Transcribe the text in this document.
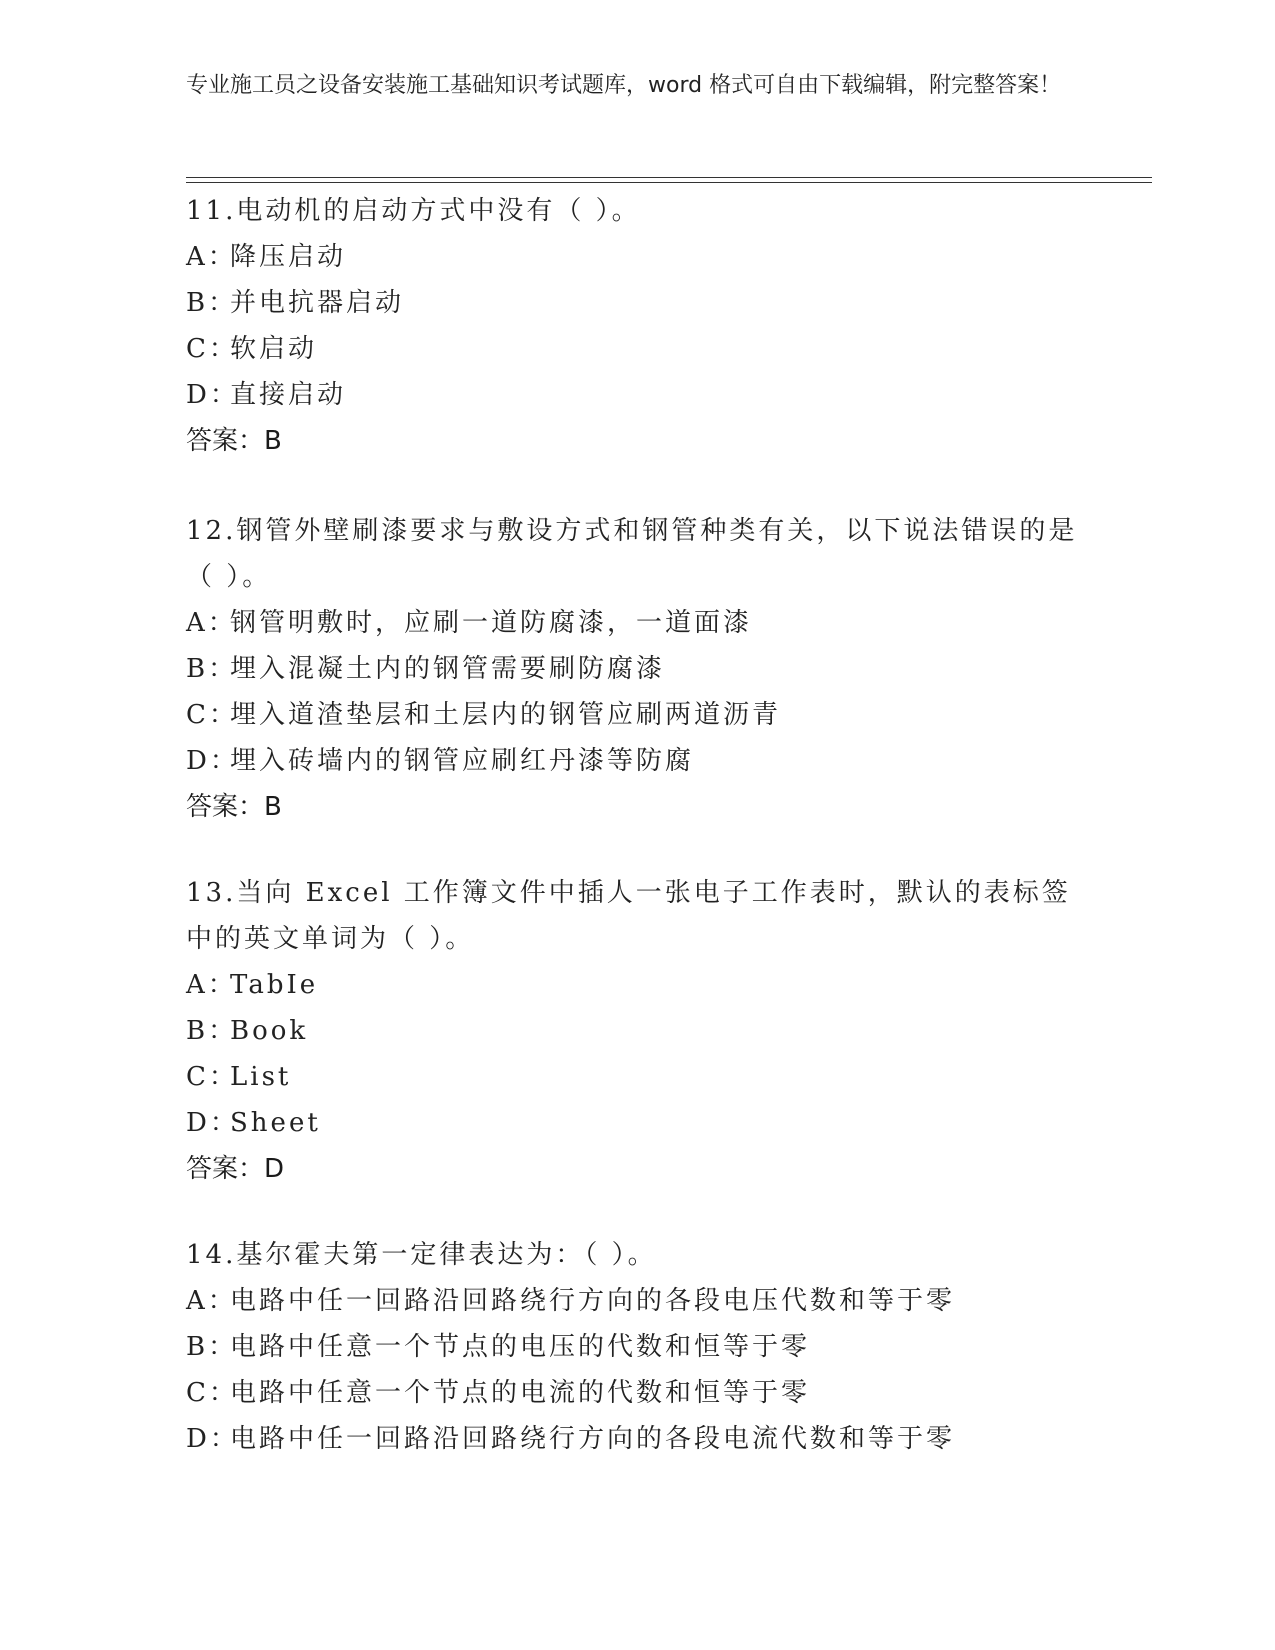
专业施工员之设备安装施工基础知识考试题库，word 格式可自由下载编辑，附完整答案！
11.电动机的启动方式中没有（ ）。
A：降压启动
B：并电抗器启动
C：软启动
D：直接启动
答案：B
12.钢管外壁刷漆要求与敷设方式和钢管种类有关，以下说法错误的是（ ）。
A：钢管明敷时，应刷一道防腐漆，一道面漆
B：埋入混凝土内的钢管需要刷防腐漆
C：埋入道渣垫层和土层内的钢管应刷两道沥青
D：埋入砖墙内的钢管应刷红丹漆等防腐
答案：B
13.当向 Excel 工作簿文件中插人一张电子工作表时，默认的表标签中的英文单词为（ ）。
A：TabIe
B：Book
C：List
D：Sheet
答案：D
14.基尔霍夫第一定律表达为：（ ）。
A：电路中任一回路沿回路绕行方向的各段电压代数和等于零
B：电路中任意一个节点的电压的代数和恒等于零
C：电路中任意一个节点的电流的代数和恒等于零
D：电路中任一回路沿回路绕行方向的各段电流代数和等于零
